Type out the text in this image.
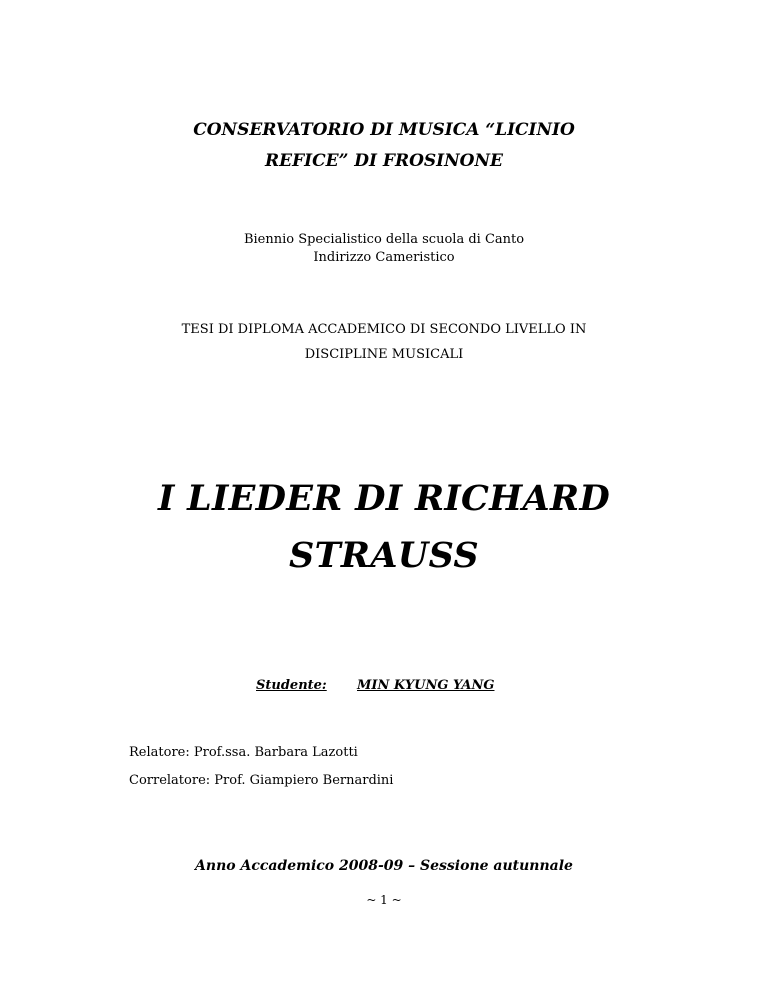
CONSERVATORIO DI MUSICA “LICINIO
REFICE” DI FROSINONE
Biennio Specialistico della scuola di Canto
Indirizzo Cameristico
TESI DI DIPLOMA ACCADEMICO DI SECONDO LIVELLO IN
DISCIPLINE MUSICALI
I LIEDER DI RICHARD
STRAUSS
Studente: MIN KYUNG YANG
Relatore: Prof.ssa. Barbara Lazotti
Correlatore: Prof. Giampiero Bernardini
Anno Accademico 2008-09 – Sessione autunnale
~ 1 ~
